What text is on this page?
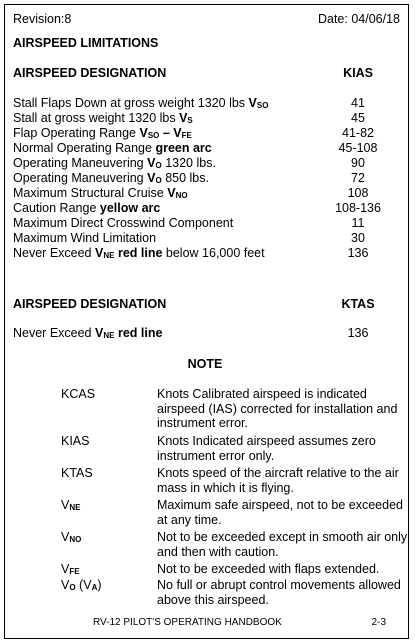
Revision:8	Date: 04/06/18
AIRSPEED LIMITATIONS
AIRSPEED DESIGNATION	KIAS
Stall Flaps Down at gross weight 1320 lbs $V_{SO}$	41
Stall at gross weight 1320 lbs $V_S$	45
Flap Operating Range $V_{SO} - V_{FE}$	41-82
Normal Operating Range green arc	45-108
Operating Maneuvering $V_O$ 1320 lbs.	90
Operating Maneuvering $V_O$ 850 lbs.	72
Maximum Structural Cruise $V_{NO}$	108
Caution Range yellow arc	108-136
Maximum Direct Crosswind Component	11
Maximum Wind Limitation	30
Never Exceed $V_{NE}$ red line below 16,000 feet	136
AIRSPEED DESIGNATION	KTAS
Never Exceed $V_{NE}$ red line	136
NOTE
KCAS	Knots Calibrated airspeed is indicated airspeed (IAS) corrected for installation and instrument error.
KIAS	Knots Indicated airspeed assumes zero instrument error only.
KTAS	Knots speed of the aircraft relative to the air mass in which it is flying.
$V_{NE}$	Maximum safe airspeed, not to be exceeded at any time.
$V_{NO}$	Not to be exceeded except in smooth air only and then with caution.
$V_{FE}$	Not to be exceeded with flaps extended.
$V_O$ $(V_A)$	No full or abrupt control movements allowed above this airspeed.
RV-12 PILOT'S OPERATING HANDBOOK	2-3
